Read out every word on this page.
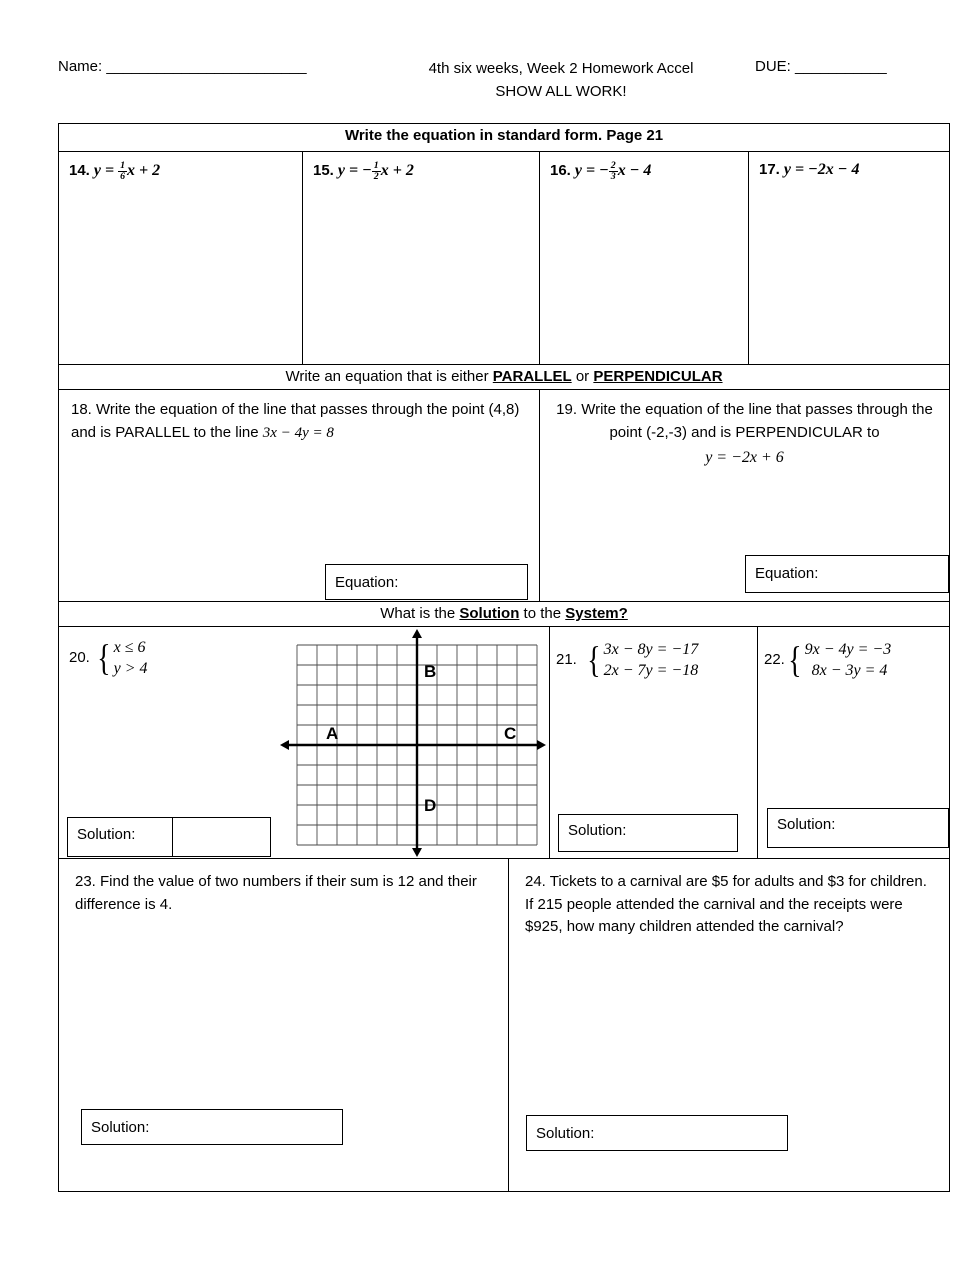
Name: ________________________	4th six weeks, Week 2 Homework Accel
SHOW ALL WORK!
DUE: ___________
Write the equation in standard form. Page 21
14. $y = \frac{1}{6}$ x + 2	15. y = − $\frac{1}{2}$ x + 2	16. y = − $\frac{2}{3}$ x − 4	17. y = −2x − 4
Write an equation that is either PARALLEL or PERPENDICULAR
18. Write the equation of the line that passes through the point (4,8) and is PARALLEL to the line 3x − 4y = 8
Equation:
19. Write the equation of the line that passes through the point (-2,-3) and is PERPENDICULAR to
y = −2x + 6
Equation:
What is the Solution to the System?
20. { x ≤ 6
y > 4
A
B
C
D
Solution:
21. { 3x − 8y = −17
2x − 7y = −18
Solution:
22. { 9x − 4y = −3
8x − 3y = 4
Solution:
23. Find the value of two numbers if their sum is 12 and their difference is 4.
Solution:
24. Tickets to a carnival are $5 for adults and $3 for children. If 215 people attended the carnival and the receipts were $925, how many children attended the carnival?
Solution:
